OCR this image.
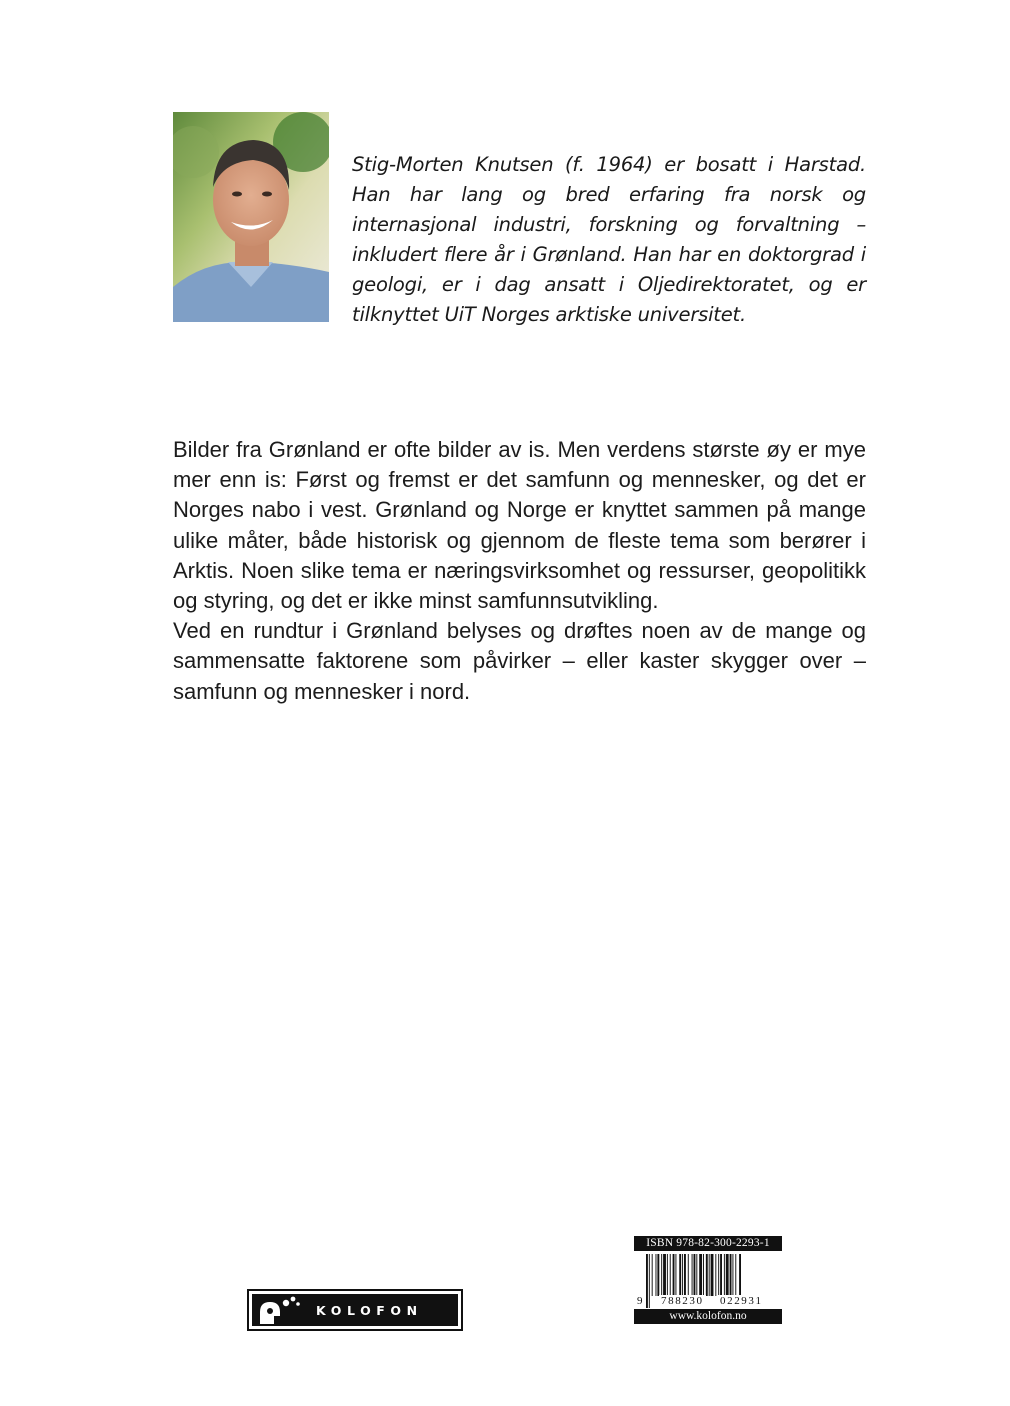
Stig-Morten Knutsen (f. 1964) er bosatt i Harstad. Han har lang og bred erfaring fra norsk og internasjonal industri, forskning og forvaltning – inkludert flere år i Grønland. Han har en doktorgrad i geologi, er i dag ansatt i Oljedirektoratet, og er tilknyttet UiT Norges arktiske universitet.

Bilder fra Grønland er ofte bilder av is. Men verdens største øy er mye mer enn is: Først og fremst er det samfunn og mennesker, og det er Norges nabo i vest. Grønland og Norge er knyttet sammen på mange ulike måter, både historisk og gjennom de fleste tema som berører i Arktis. Noen slike tema er næringsvirksomhet og ressurser, geopolitikk og styring, og det er ikke minst samfunnsutvikling.

Ved en rundtur i Grønland belyses og drøftes noen av de mange og sammensatte faktorene som påvirker – eller kaster skygger over – samfunn og mennesker i nord.

KOLOFON
ISBN 978-82-300-2293-1
9 788230 022931
www.kolofon.no
